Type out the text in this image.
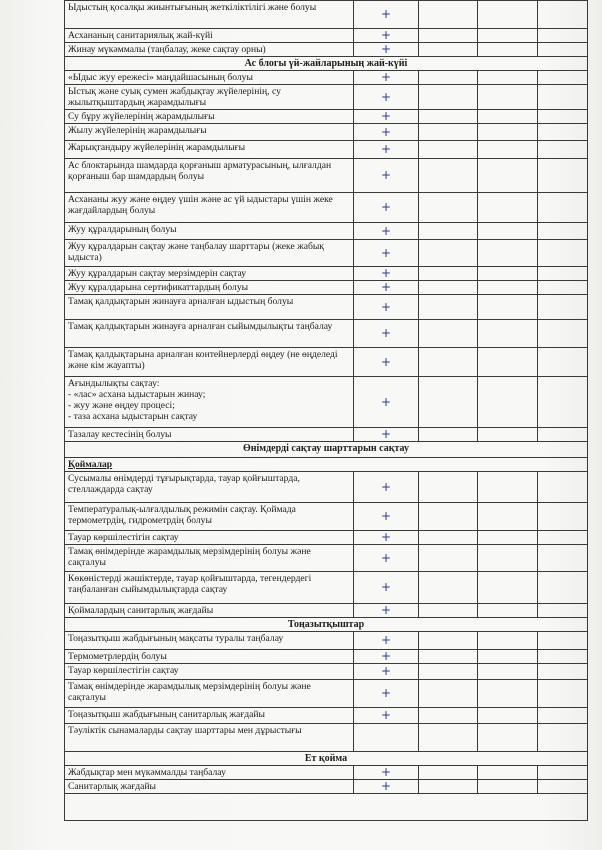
Ыдыстың қосалқы жиынтығының жеткіліктілігі және болуы	+			
Асхананың санитариялық жай-күйі	+			
Жинау мүкәммалы (таңбалау, жеке сақтау орны)	+			
Ас блогы үй-жайларының жай-күйі				
«Ыдыс жуу ережесі» маңдайшасының болуы	+			
Ыстық және суық сумен жабдықтау жүйелерінің, су жылытқыштардың жарамдылығы	+			
Су бұру жүйелерінің жарамдылығы	+			
Жылу жүйелерінің жарамдылығы	+			
Жарықтандыру жүйелерінің жарамдылығы	+			
Ас блоктарында шамдарда қорғаныш арматурасының, ылғалдан қорғаныш бар шамдардың болуы	+			
Асхананы жуу және өңдеу үшін және ас үй ыдыстары үшін жеке жағдайлардың болуы	+			
Жуу құралдарының болуы	+			
Жуу құралдарын сақтау және таңбалау шарттары (жеке жабық ыдыста)	+			
Жуу құралдарын сақтау мерзімдерін сақтау	+			
Жуу құралдарына сертификаттардың болуы	+			
Тамақ қалдықтарын жинауға арналған ыдыстың болуы	+			
Тамақ қалдықтарын жинауға арналған сыйымдылықты таңбалау	+			
Тамақ қалдықтарына арналған контейнерлерді өңдеу (не өңделеді және кім жауапты)	+			
Ағындылықты сақтау:
- «лас» асхана ыдыстарын жинау;
- жуу және өңдеу процесі;
- таза асхана ыдыстарын сақтау	+			
Тазалау кестесінің болуы	+			
Өнімдерді сақтау шарттарын сақтау				
Қоймалар				
Сусымалы өнімдерді тұғырықтарда, тауар қойғыштарда, стеллаждарда сақтау	+			
Температуралық-ылғалдылық режимін сақтау. Қоймада термометрдің, гидрометрдің болуы	+			
Тауар көршілестігін сақтау	+			
Тамақ өнімдерінде жарамдылық мерзімдерінің болуы және сақталуы	+			
Көкөністерді жәшіктерде, тауар қойғыштарда, тегендердегі таңбаланған сыйымдылықтарда сақтау	+			
Қоймалардың санитарлық жағдайы	+			
Тоңазытқыштар				
Тоңазытқыш жабдығының мақсаты туралы таңбалау	+			
Термометрлердің болуы	+			
Тауар көршілестігін сақтау	+			
Тамақ өнімдерінде жарамдылық мерзімдерінің болуы және сақталуы	+			
Тоңазытқыш жабдығының санитарлық жағдайы	+			
Тәуліктік сынамаларды сақтау шарттары мен дұрыстығы				
Ет қойма				
Жабдықтар мен мүкәммалды таңбалау	+			
Санитарлық жағдайы	+			
